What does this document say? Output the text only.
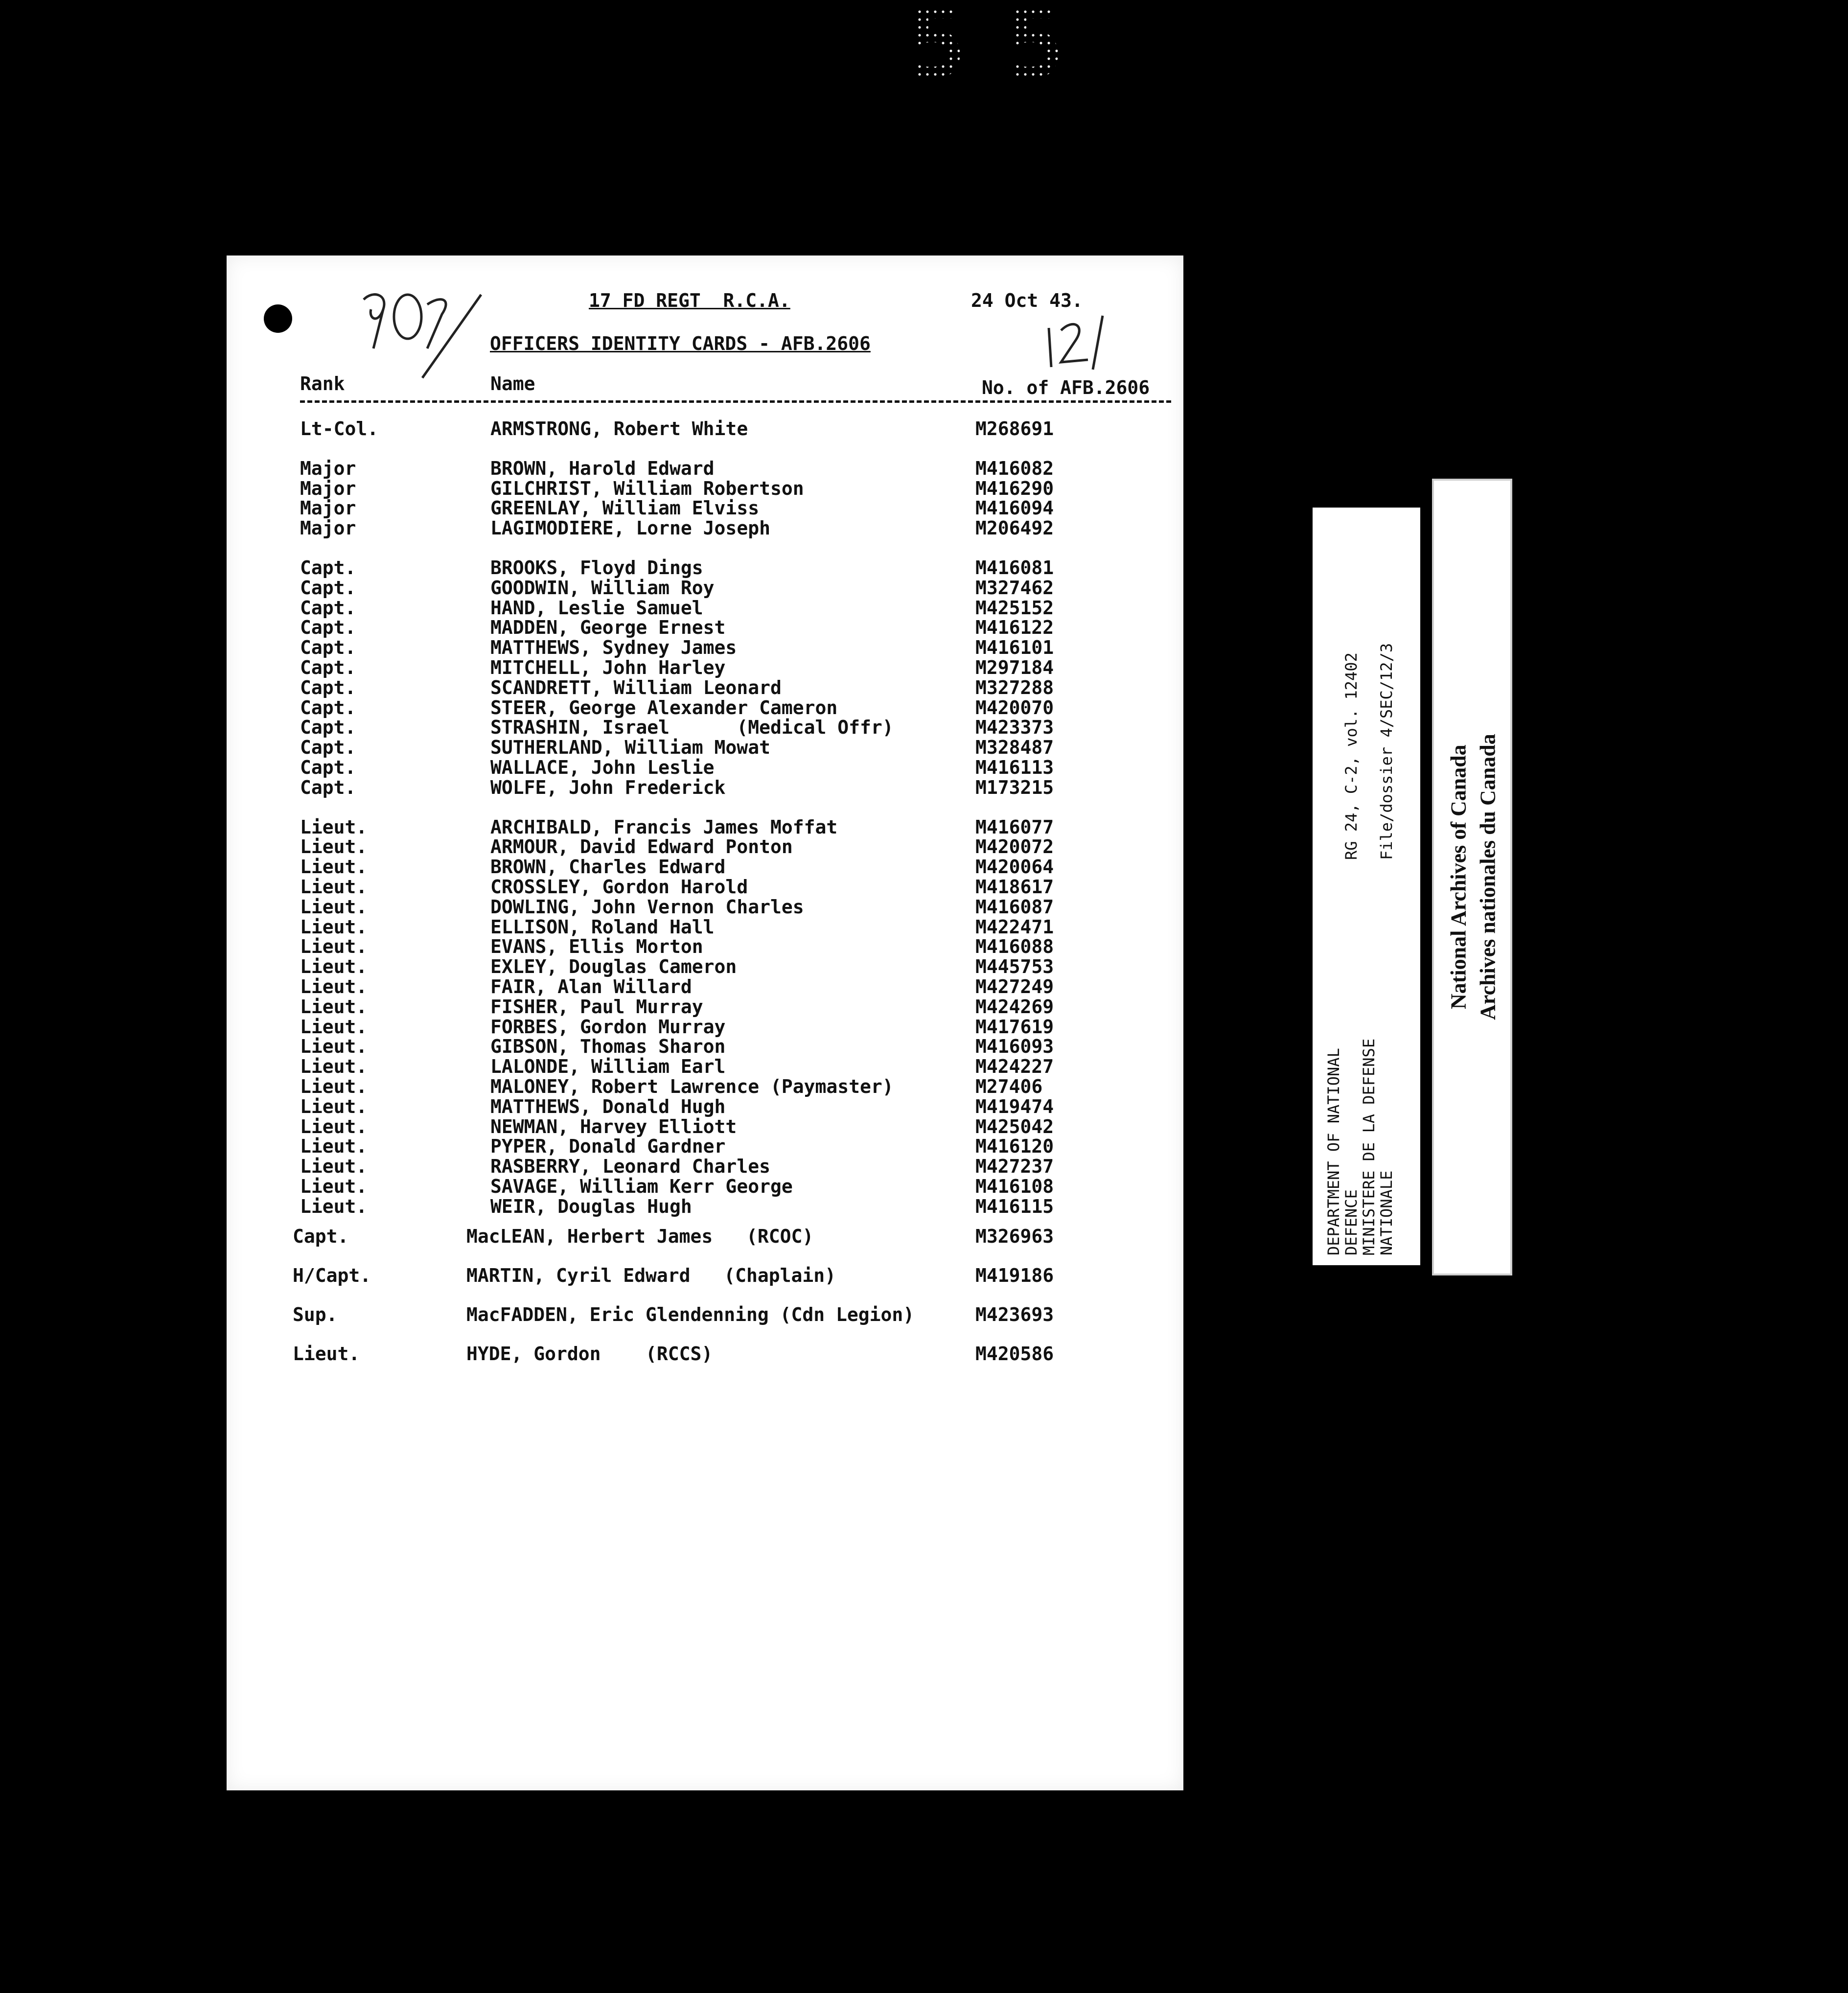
5 5
17 FD REGT  R.C.A.	24 Oct 43.
OFFICERS IDENTITY CARDS - AFB.2606
Rank	Name	No. of AFB.2606
Lt-Col.	ARMSTRONG, Robert White	M268691
Major	BROWN, Harold Edward	M416082
Major	GILCHRIST, William Robertson	M416290
Major	GREENLAY, William Elviss	M416094
Major	LAGIMODIERE, Lorne Joseph	M206492
Capt.	BROOKS, Floyd Dings	M416081
Capt.	GOODWIN, William Roy	M327462
Capt.	HAND, Leslie Samuel	M425152
Capt.	MADDEN, George Ernest	M416122
Capt.	MATTHEWS, Sydney James	M416101
Capt.	MITCHELL, John Harley	M297184
Capt.	SCANDRETT, William Leonard	M327288
Capt.	STEER, George Alexander Cameron	M420070
Capt.	STRASHIN, Israel      (Medical Offr)	M423373
Capt.	SUTHERLAND, William Mowat	M328487
Capt.	WALLACE, John Leslie	M416113
Capt.	WOLFE, John Frederick	M173215
Lieut.	ARCHIBALD, Francis James Moffat	M416077
Lieut.	ARMOUR, David Edward Ponton	M420072
Lieut.	BROWN, Charles Edward	M420064
Lieut.	CROSSLEY, Gordon Harold	M418617
Lieut.	DOWLING, John Vernon Charles	M416087
Lieut.	ELLISON, Roland Hall	M422471
Lieut.	EVANS, Ellis Morton	M416088
Lieut.	EXLEY, Douglas Cameron	M445753
Lieut.	FAIR, Alan Willard	M427249
Lieut.	FISHER, Paul Murray	M424269
Lieut.	FORBES, Gordon Murray	M417619
Lieut.	GIBSON, Thomas Sharon	M416093
Lieut.	LALONDE, William Earl	M424227
Lieut.	MALONEY, Robert Lawrence (Paymaster)	M27406
Lieut.	MATTHEWS, Donald Hugh	M419474
Lieut.	NEWMAN, Harvey Elliott	M425042
Lieut.	PYPER, Donald Gardner	M416120
Lieut.	RASBERRY, Leonard Charles	M427237
Lieut.	SAVAGE, William Kerr George	M416108
Lieut.	WEIR, Douglas Hugh	M416115
Capt.	MacLEAN, Herbert James   (RCOC)	M326963
H/Capt.	MARTIN, Cyril Edward   (Chaplain)	M419186
Sup.	MacFADDEN, Eric Glendenning (Cdn Legion)	M423693
Lieut.	HYDE, Gordon    (RCCS)	M420586
DEPARTMENT OF NATIONAL
DEFENCE
MINISTERE DE LA DEFENSE
NATIONALE
RG 24, C-2, vol. 12402 File/dossier 4/SEC/12/3 National Archives of Canada Archives nationales du Canada
